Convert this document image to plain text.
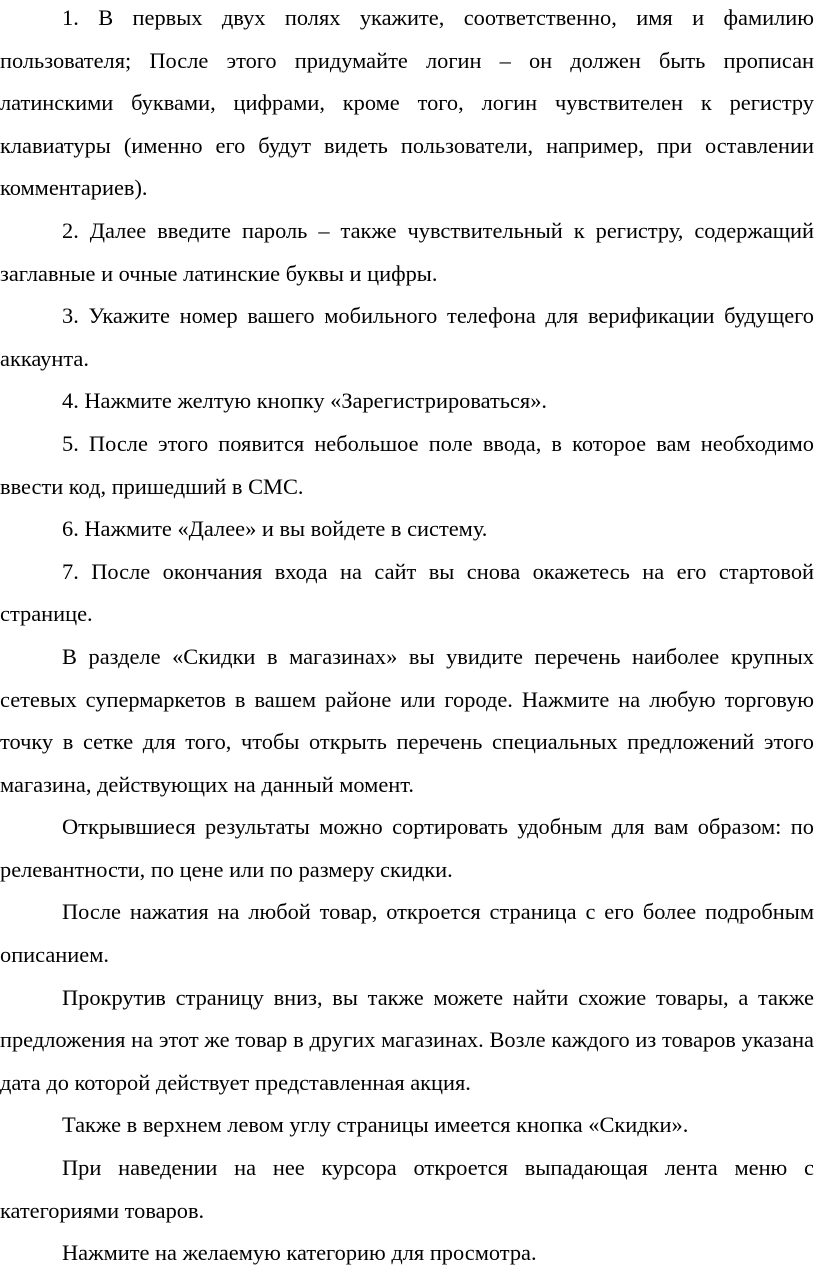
1. В первых двух полях укажите, соответственно, имя и фамилию пользователя; После этого придумайте логин – он должен быть прописан латинскими буквами, цифрами, кроме того, логин чувствителен к регистру клавиатуры (именно его будут видеть пользователи, например, при оставлении комментариев).

2. Далее введите пароль – также чувствительный к регистру, содержащий заглавные и очные латинские буквы и цифры.

3. Укажите номер вашего мобильного телефона для верификации будущего аккаунта.

4. Нажмите желтую кнопку «Зарегистрироваться».

5. После этого появится небольшое поле ввода, в которое вам необходимо ввести код, пришедший в СМС.

6. Нажмите «Далее» и вы войдете в систему.

7. После окончания входа на сайт вы снова окажетесь на его стартовой странице.

В разделе «Скидки в магазинах» вы увидите перечень наиболее крупных сетевых супермаркетов в вашем районе или городе. Нажмите на любую торговую точку в сетке для того, чтобы открыть перечень специальных предложений этого магазина, действующих на данный момент.

Открывшиеся результаты можно сортировать удобным для вам образом: по релевантности, по цене или по размеру скидки.

После нажатия на любой товар, откроется страница с его более подробным описанием.

Прокрутив страницу вниз, вы также можете найти схожие товары, а также предложения на этот же товар в других магазинах. Возле каждого из товаров указана дата до которой действует представленная акция.

Также в верхнем левом углу страницы имеется кнопка «Скидки».

При наведении на нее курсора откроется выпадающая лента меню с категориями товаров.

Нажмите на желаемую категорию для просмотра.
